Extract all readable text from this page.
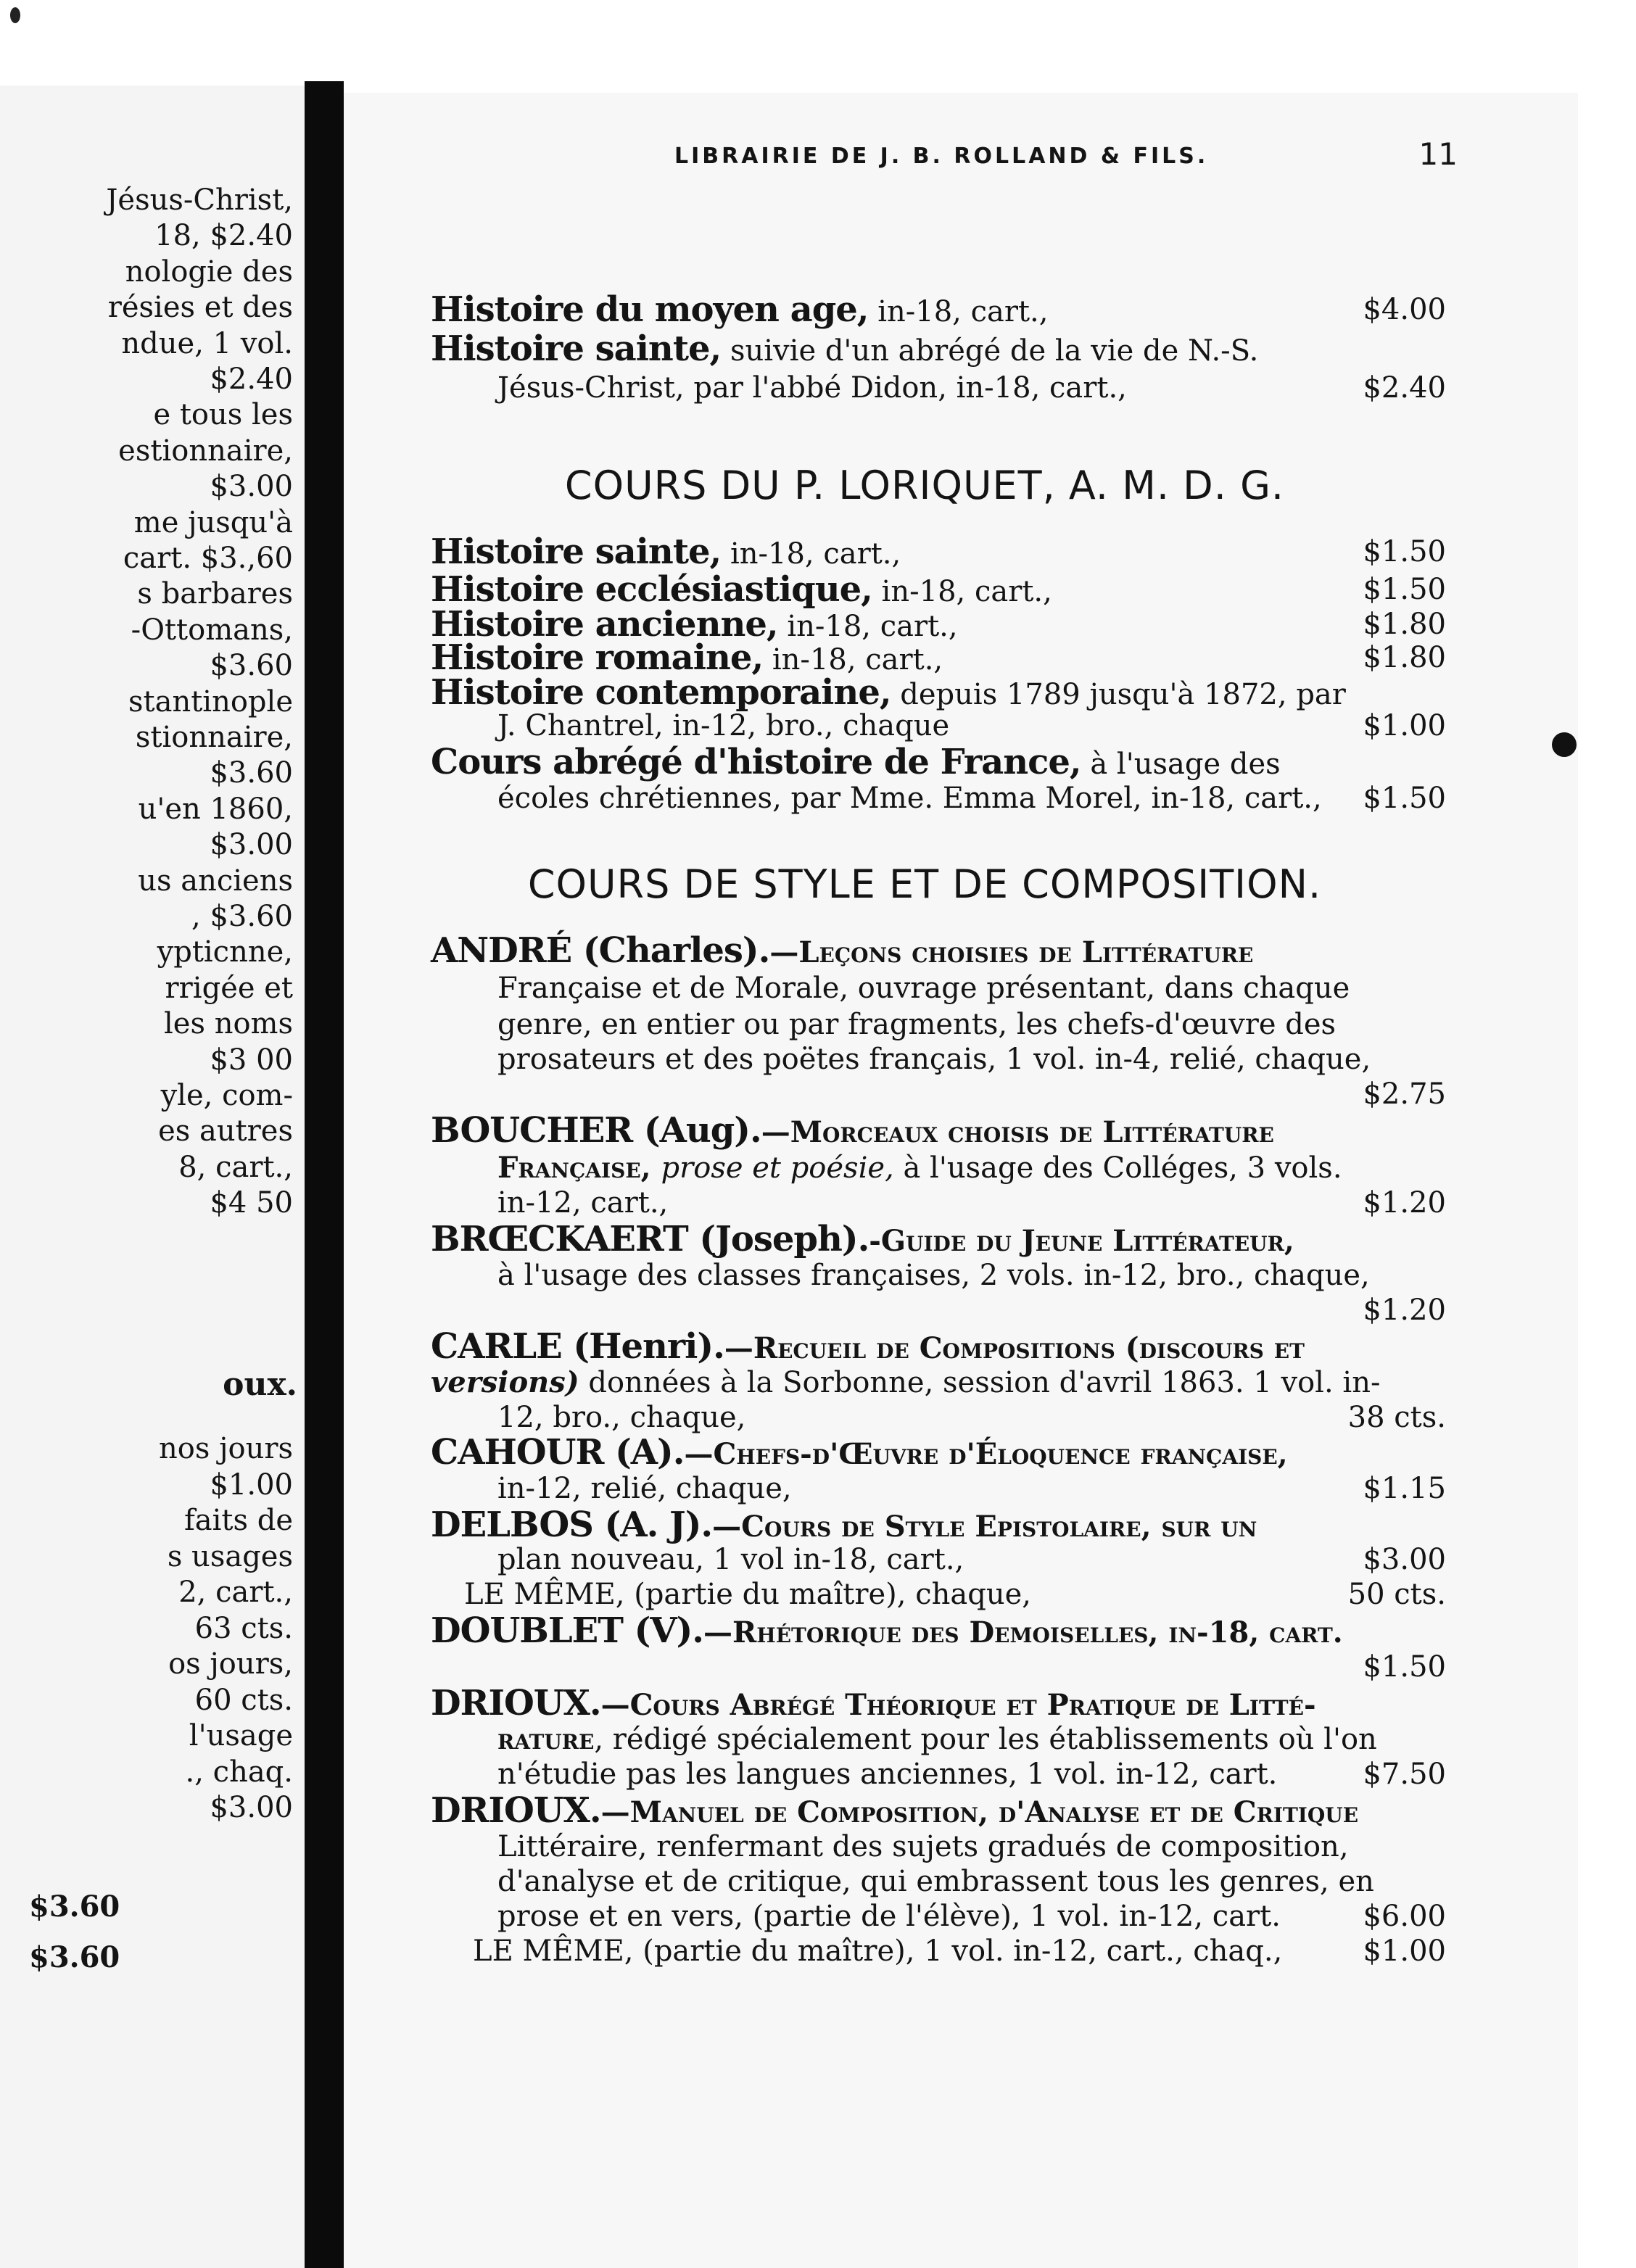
Jésus-Christ,
18, $2.40
nologie des
résies et des
ndue, 1 vol.
$2.40
e tous les
estionnaire,
$3.00
me jusqu'à
cart. $3.,60
s barbares
-Ottomans,
$3.60
stantinople
stionnaire,
$3.60
u'en 1860,
$3.00
us anciens
, $3.60
ypticnne,
rrigée et
les noms
$3 00
yle, com-
es autres
8, cart.,
$4 50
oux.
nos jours
$1.00
faits de
s usages
2, cart.,
63 cts.
os jours,
60 cts.
l'usage
., chaq.
$3.00
$3.60
$3.60
LIBRAIRIE DE J. B. ROLLAND & FILS.	11
Histoire du moyen age, in-18, cart.,	$4.00
Histoire sainte, suivie d'un abrégé de la vie de N.-S.
Jésus-Christ, par l'abbé Didon, in-18, cart.,	$2.40
COURS DU P. LORIQUET, A. M. D. G.
Histoire sainte, in-18, cart.,	$1.50
Histoire ecclésiastique, in-18, cart.,	$1.50
Histoire ancienne, in-18, cart.,	$1.80
Histoire romaine, in-18, cart.,	$1.80
Histoire contemporaine, depuis 1789 jusqu'à 1872, par
J. Chantrel, in-12, bro., chaque	$1.00
Cours abrégé d'histoire de France, à l'usage des
écoles chrétiennes, par Mme. Emma Morel, in-18, cart., $1.50
COURS DE STYLE ET DE COMPOSITION.
ANDRÉ (Charles).—Leçons choisies de Littérature
Française et de Morale, ouvrage présentant, dans chaque
genre, en entier ou par fragments, les chefs-d'œuvre des
prosateurs et des poëtes français, 1 vol. in-4, relié, chaque,
$2.75
BOUCHER (Aug).—Morceaux choisis de Littérature
Française, prose et poésie, à l'usage des Colléges, 3 vols.
in-12, cart.,	$1.20
BRŒCKAERT (Joseph).-Guide du Jeune Littérateur,
à l'usage des classes françaises, 2 vols. in-12, bro., chaque,
$1.20
CARLE (Henri).—Recueil de Compositions (discours et
versions) données à la Sorbonne, session d'avril 1863. 1 vol. in-
12, bro., chaque,	38 cts.
CAHOUR (A).—Chefs-d'Œuvre d'Éloquence française,
in-12, relié, chaque,	$1.15
DELBOS (A. J).—Cours de Style Epistolaire, sur un
plan nouveau, 1 vol in-18, cart.,	$3.00
LE MÊME, (partie du maître), chaque,	50 cts.
DOUBLET (V).—Rhétorique des Demoiselles, in-18, cart.
$1.50
DRIOUX.—Cours Abrégé Théorique et Pratique de Litté-
rature, rédigé spécialement pour les établissements où l'on
n'étudie pas les langues anciennes, 1 vol. in-12, cart.	$7.50
DRIOUX.—Manuel de Composition, d'Analyse et de Critique
Littéraire, renfermant des sujets gradués de composition,
d'analyse et de critique, qui embrassent tous les genres, en
prose et en vers, (partie de l'élève), 1 vol. in-12, cart.	$6.00
LE MÊME, (partie du maître), 1 vol. in-12, cart., chaq.,	$1.00
